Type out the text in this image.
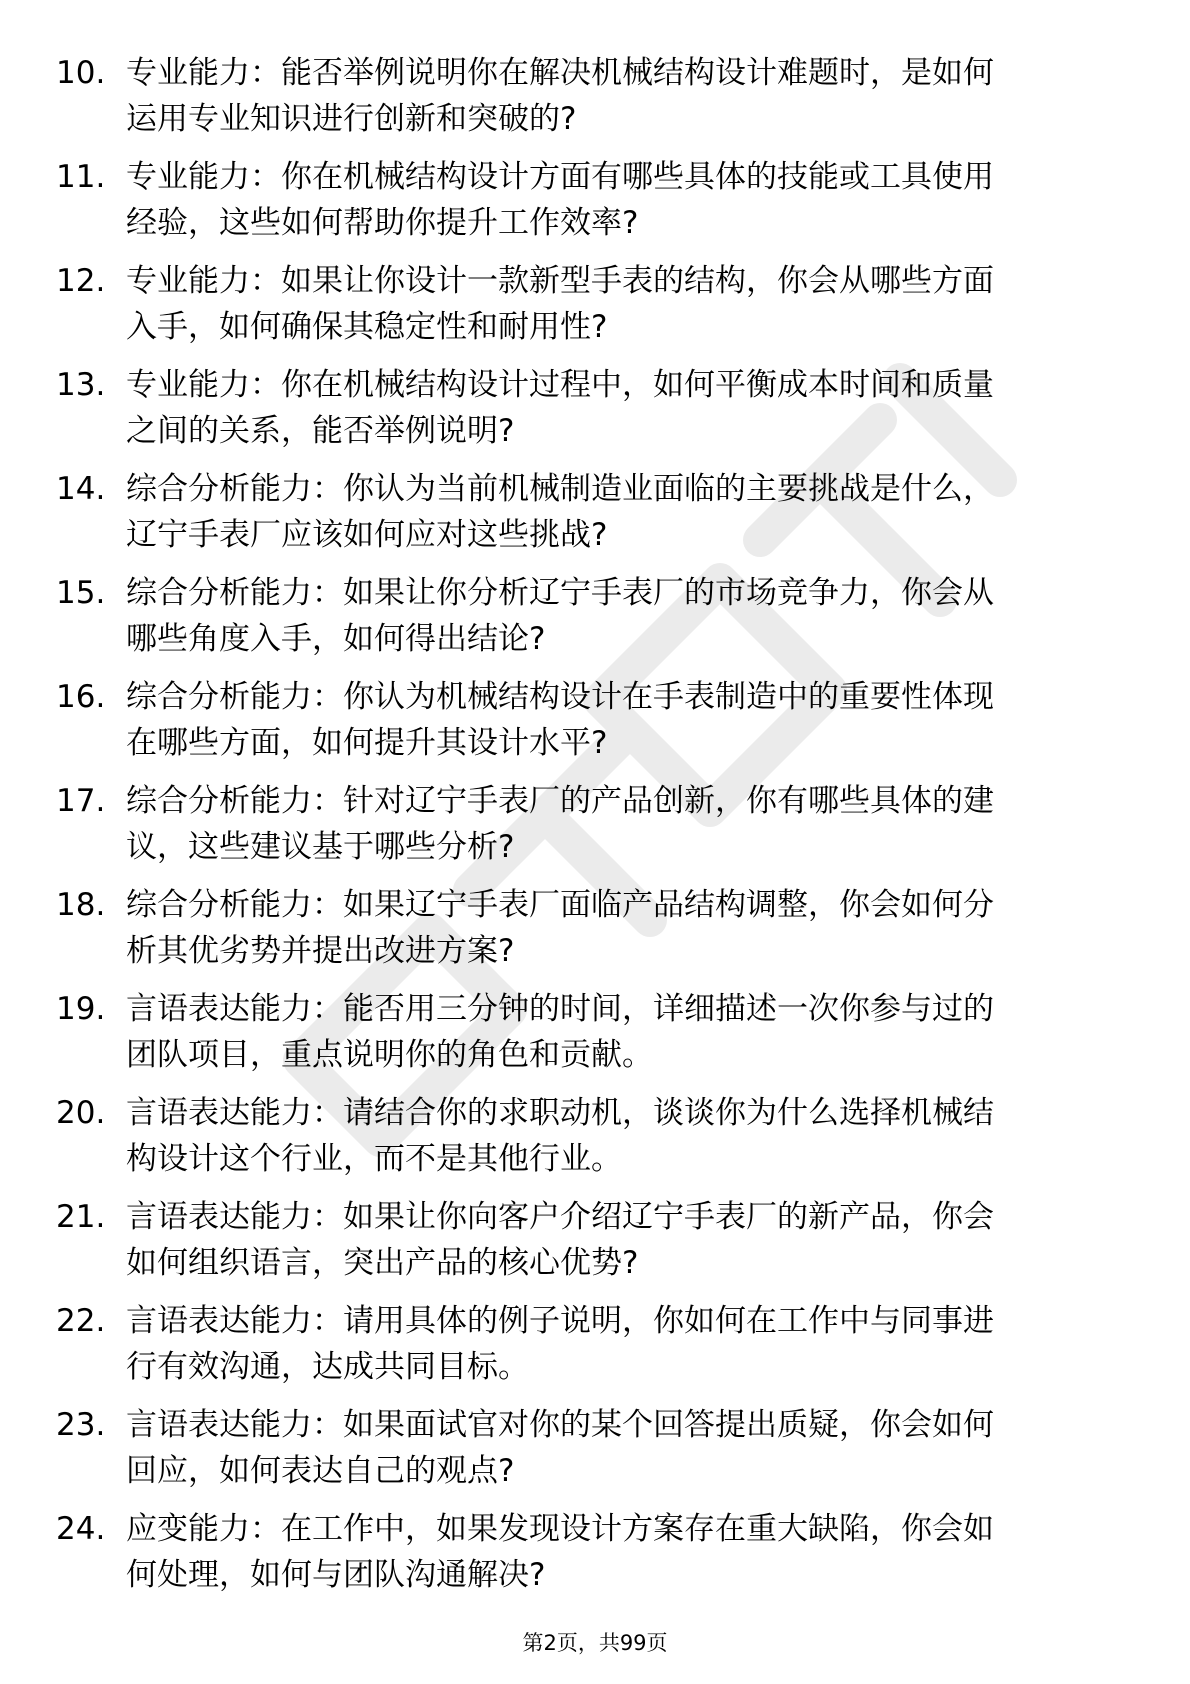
10. 专业能力：能否举例说明你在解决机械结构设计难题时，是如何
运用专业知识进行创新和突破的?
11. 专业能力：你在机械结构设计方面有哪些具体的技能或工具使用
经验，这些如何帮助你提升工作效率?
12. 专业能力：如果让你设计一款新型手表的结构，你会从哪些方面
入手，如何确保其稳定性和耐用性?
13. 专业能力：你在机械结构设计过程中，如何平衡成本时间和质量
之间的关系，能否举例说明?
14. 综合分析能力：你认为当前机械制造业面临的主要挑战是什么，
辽宁手表厂应该如何应对这些挑战?
15. 综合分析能力：如果让你分析辽宁手表厂的市场竞争力，你会从
哪些角度入手，如何得出结论?
16. 综合分析能力：你认为机械结构设计在手表制造中的重要性体现
在哪些方面，如何提升其设计水平?
17. 综合分析能力：针对辽宁手表厂的产品创新，你有哪些具体的建
议，这些建议基于哪些分析?
18. 综合分析能力：如果辽宁手表厂面临产品结构调整，你会如何分
析其优劣势并提出改进方案?
19. 言语表达能力：能否用三分钟的时间，详细描述一次你参与过的
团队项目，重点说明你的角色和贡献。
20. 言语表达能力：请结合你的求职动机，谈谈你为什么选择机械结
构设计这个行业，而不是其他行业。
21. 言语表达能力：如果让你向客户介绍辽宁手表厂的新产品，你会
如何组织语言，突出产品的核心优势?
22. 言语表达能力：请用具体的例子说明，你如何在工作中与同事进
行有效沟通，达成共同目标。
23. 言语表达能力：如果面试官对你的某个回答提出质疑，你会如何
回应，如何表达自己的观点?
24. 应变能力：在工作中，如果发现设计方案存在重大缺陷，你会如
何处理，如何与团队沟通解决?
第2页，共99页
